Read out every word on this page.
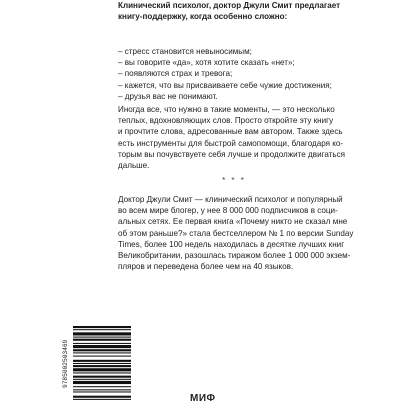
Клинический психолог, доктор Джули Смит предлагает
книгу-поддержку, когда особенно сложно:
– стресс становится невыносимым;
– вы говорите «да», хотя хотите сказать «нет»;
– появляются страх и тревога;
– кажется, что вы присваиваете себе чужие достижения;
– друзья вас не понимают.
Иногда все, что нужно в такие моменты, — это несколько
теплых, вдохновляющих слов. Просто откройте эту книгу
и прочтите слова, адресованные вам автором. Также здесь
есть инструменты для быстрой самопомощи, благодаря ко-
торым вы почувствуете себя лучше и продолжите двигаться
дальше.
* * *
Доктор Джули Смит — клинический психолог и популярный
во всем мире блогер, у нее 8 000 000 подписчиков в соци-
альных сетях. Ее первая книга «Почему никто не сказал мне
об этом раньше?» стала бестселлером № 1 по версии Sunday
Times, более 100 недель находилась в десятке лучших книг
Великобритании, разошлась тиражом более 1 000 000 экзем-
пляров и переведена более чем на 40 языков.
9785002503469
МИФ
